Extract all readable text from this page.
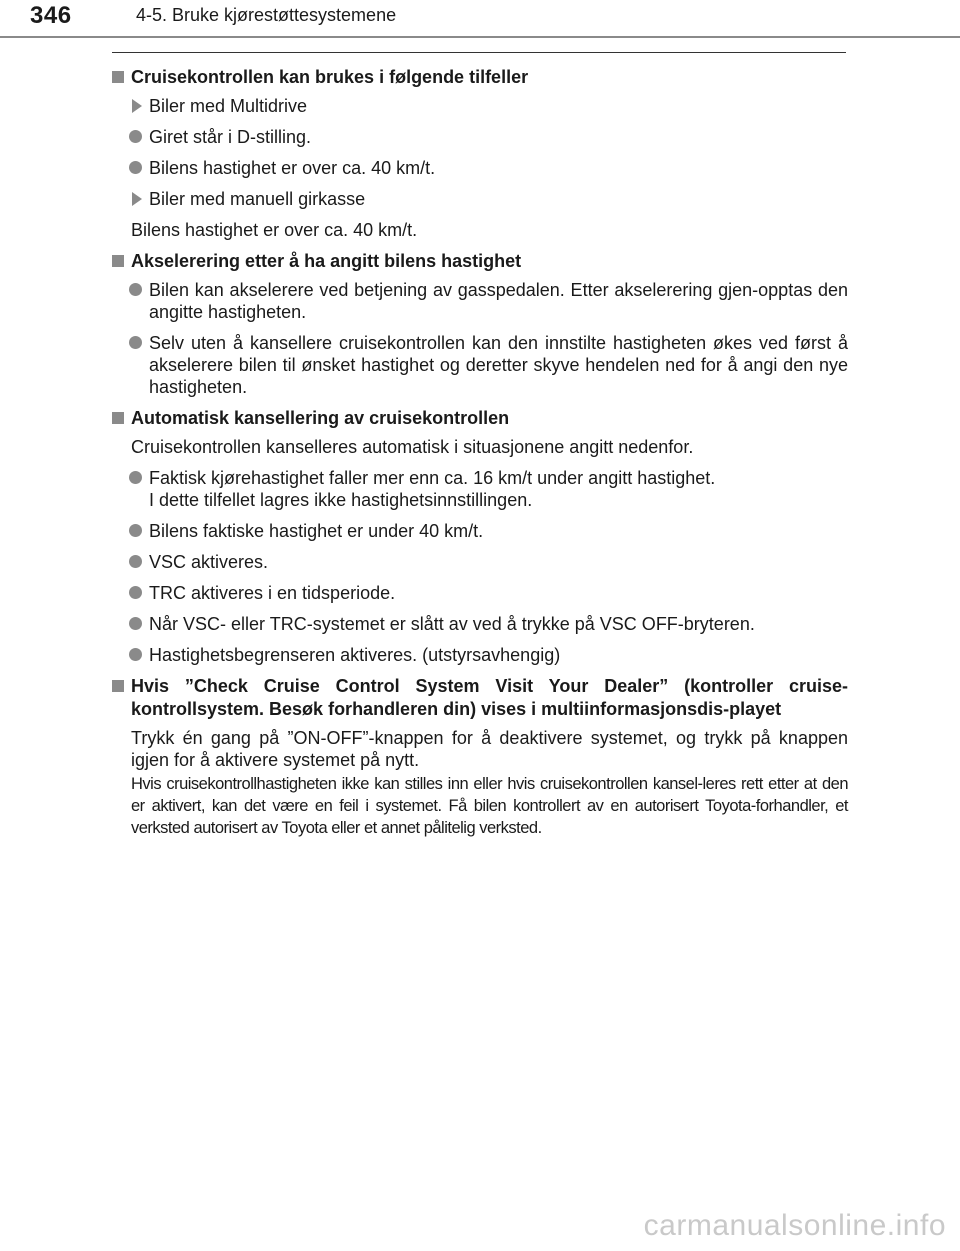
346	4-5. Bruke kjørestøttesystemene
Cruisekontrollen kan brukes i følgende tilfeller
Biler med Multidrive
Giret står i D-stilling.
Bilens hastighet er over ca. 40 km/t.
Biler med manuell girkasse
Bilens hastighet er over ca. 40 km/t.
Akselerering etter å ha angitt bilens hastighet
Bilen kan akselerere ved betjening av gasspedalen. Etter akselerering gjen-opptas den angitte hastigheten.
Selv uten å kansellere cruisekontrollen kan den innstilte hastigheten økes ved først å akselerere bilen til ønsket hastighet og deretter skyve hendelen ned for å angi den nye hastigheten.
Automatisk kansellering av cruisekontrollen
Cruisekontrollen kanselleres automatisk i situasjonene angitt nedenfor.
Faktisk kjørehastighet faller mer enn ca. 16 km/t under angitt hastighet.
I dette tilfellet lagres ikke hastighetsinnstillingen.
Bilens faktiske hastighet er under 40 km/t.
VSC aktiveres.
TRC aktiveres i en tidsperiode.
Når VSC- eller TRC-systemet er slått av ved å trykke på VSC OFF-bryteren.
Hastighetsbegrenseren aktiveres. (utstyrsavhengig)
Hvis ”Check Cruise Control System Visit Your Dealer” (kontroller cruise-kontrollsystem. Besøk forhandleren din) vises i multiinformasjonsdis-playet
Trykk én gang på ”ON-OFF”-knappen for å deaktivere systemet, og trykk på knappen igjen for å aktivere systemet på nytt.
Hvis cruisekontrollhastigheten ikke kan stilles inn eller hvis cruisekontrollen kansel-leres rett etter at den er aktivert, kan det være en feil i systemet. Få bilen kontrollert av en autorisert Toyota-forhandler, et verksted autorisert av Toyota eller et annet pålitelig verksted.
carmanualsonline.info
